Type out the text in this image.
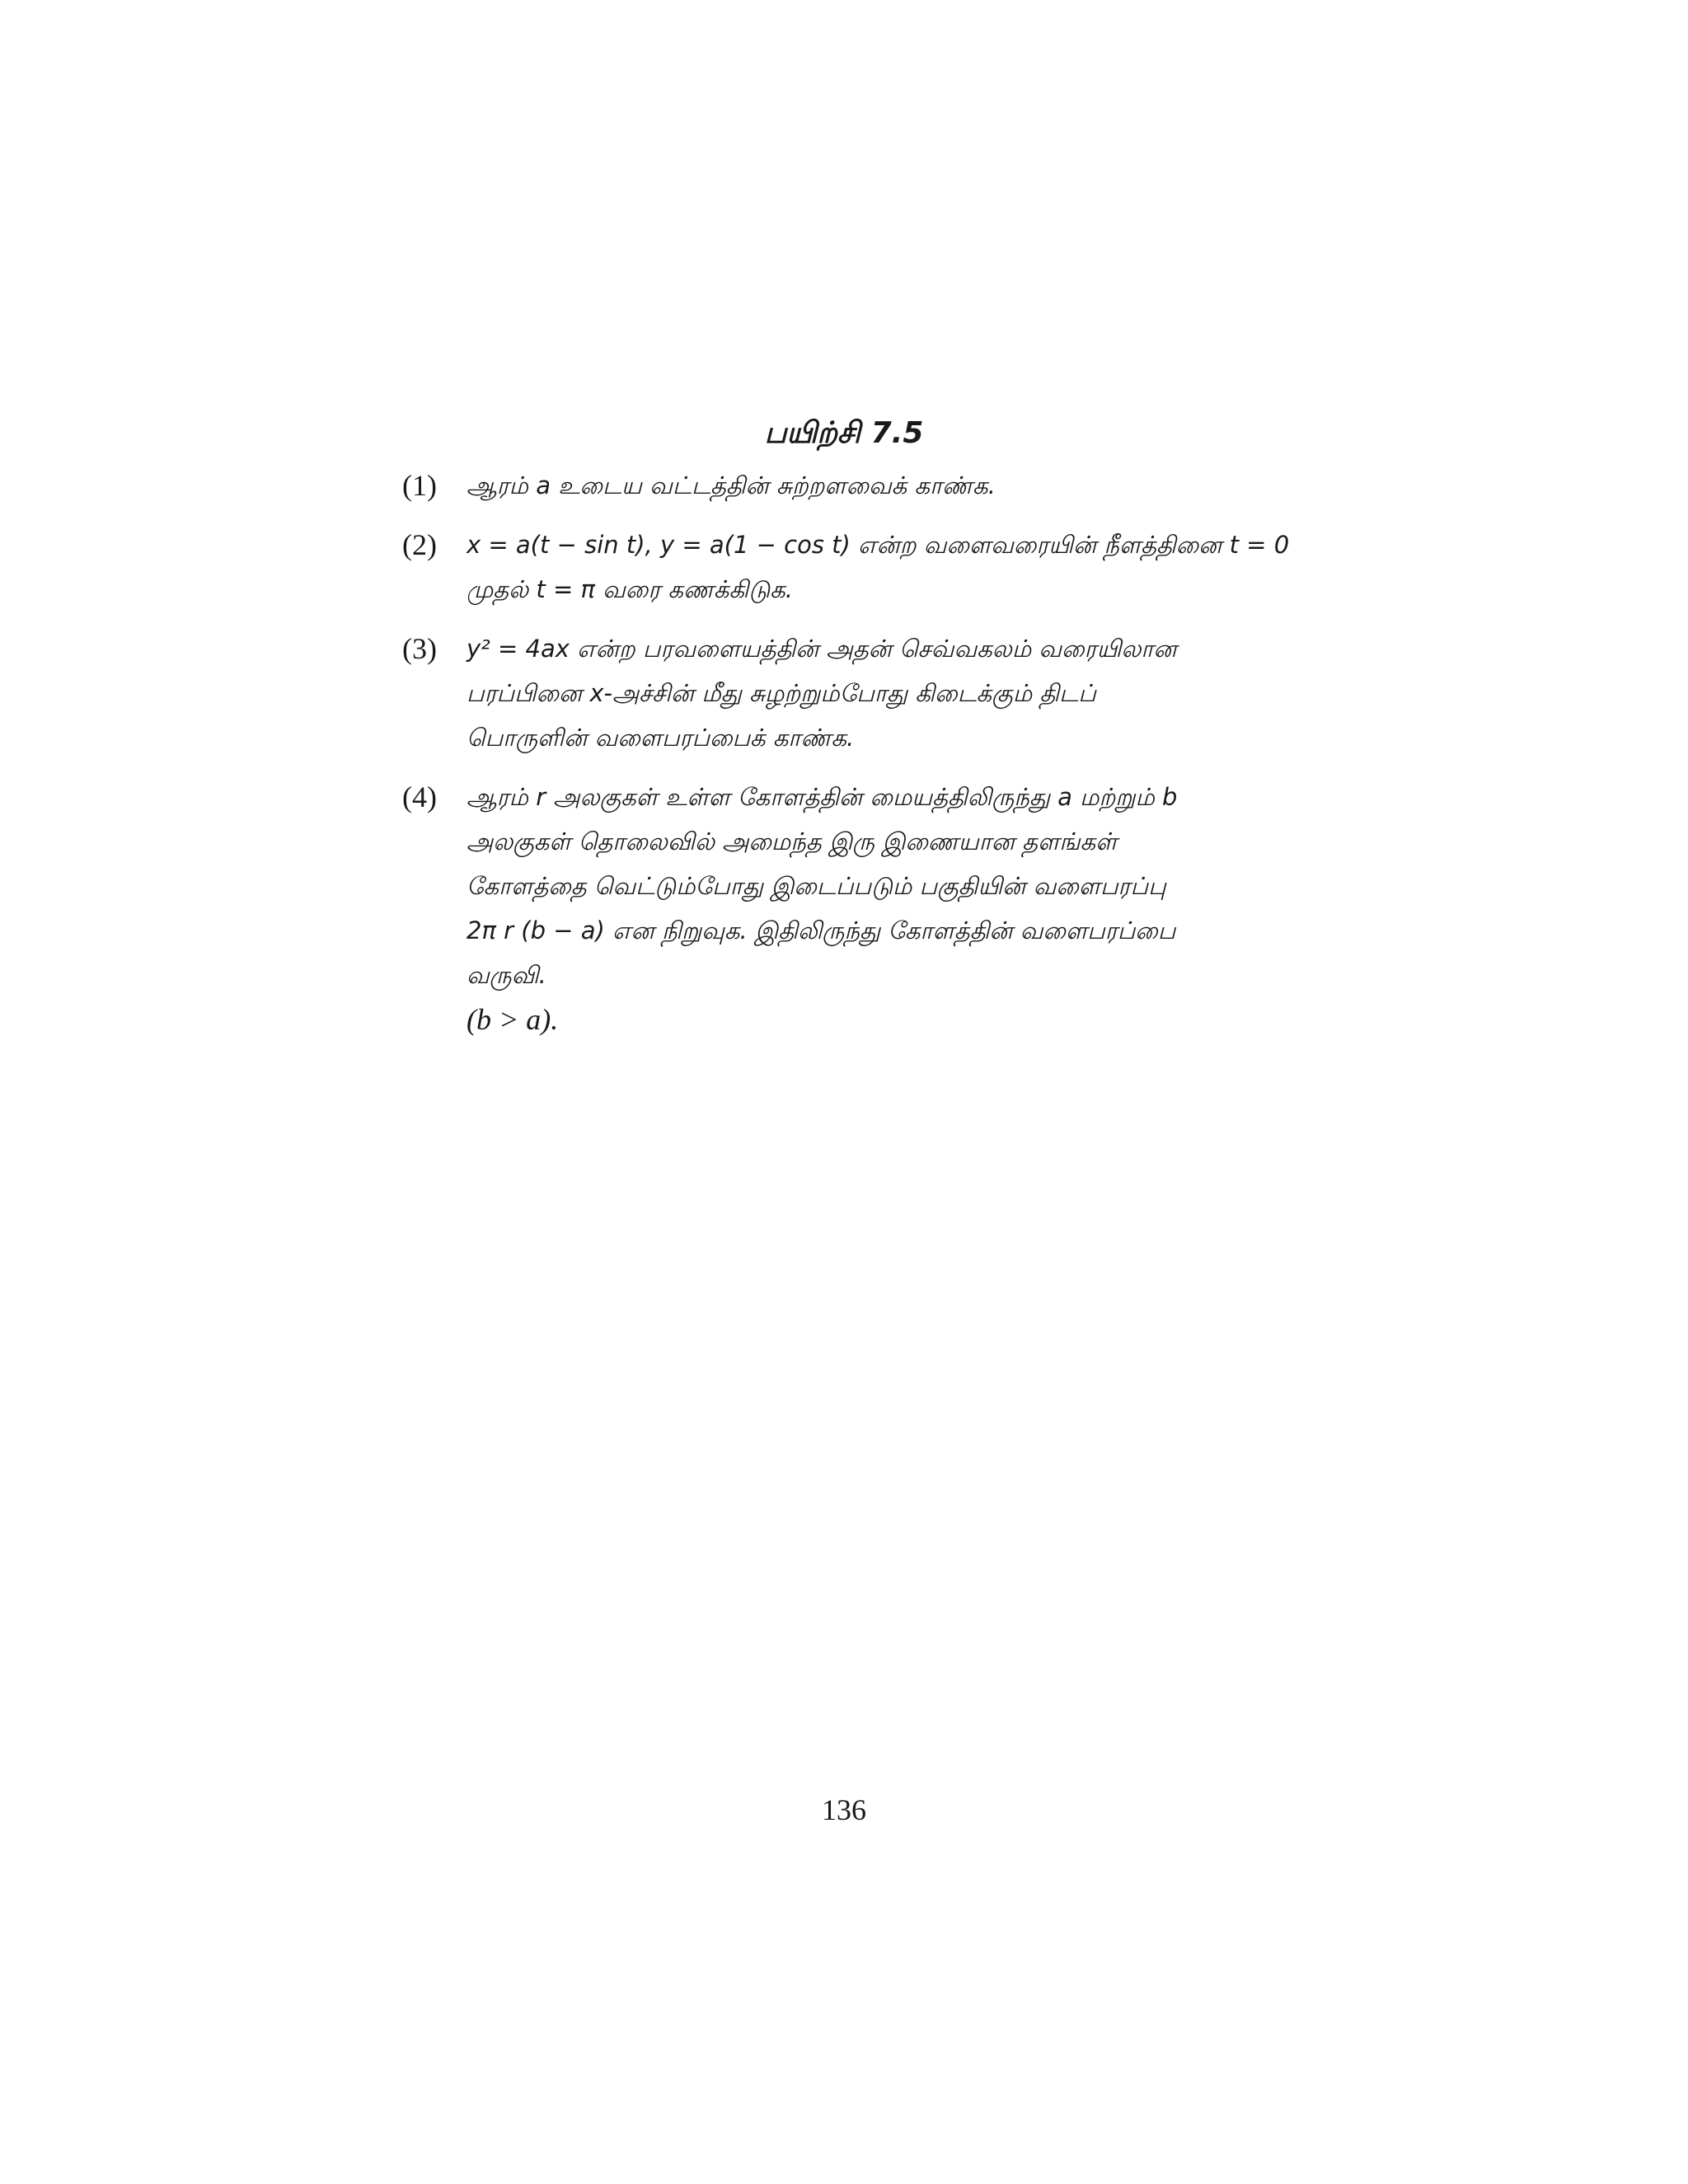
பயிற்சி 7.5
(1)	ஆரம் a உடைய வட்டத்தின் சுற்றளவைக் காண்க.
(2)	x = a(t − sin t), y = a(1 − cos t) என்ற வளைவரையின் நீளத்தினை t = 0
முதல் t = π வரை கணக்கிடுக.
(3)	y² = 4ax என்ற பரவளையத்தின் அதன் செவ்வகலம் வரையிலான
பரப்பினை x-அச்சின் மீது சுழற்றும்போது கிடைக்கும் திடப்
பொருளின் வளைபரப்பைக் காண்க.
(4)	ஆரம் r அலகுகள் உள்ள கோளத்தின் மையத்திலிருந்து a மற்றும் b
அலகுகள் தொலைவில் அமைந்த இரு இணையான தளங்கள்
கோளத்தை வெட்டும்போது இடைப்படும் பகுதியின் வளைபரப்பு
2π r (b − a) என நிறுவுக. இதிலிருந்து கோளத்தின் வளைபரப்பை
வருவி.
(b > a).
136
